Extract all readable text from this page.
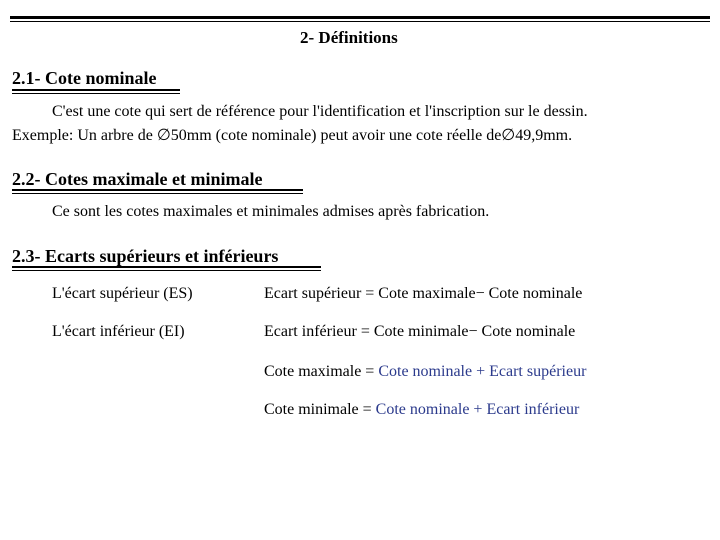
2- Définitions
2.1- Cote nominale
C'est une cote qui sert de référence pour l'identification et l'inscription sur le dessin.
Exemple: Un arbre de ∅50mm (cote nominale) peut avoir une cote réelle de∅49,9mm.
2.2- Cotes maximale et minimale
Ce sont les cotes maximales et minimales admises après fabrication.
2.3- Ecarts supérieurs et inférieurs
L'écart supérieur (ES)	Ecart supérieur = Cote maximale− Cote nominale
L'écart inférieur (EI)	Ecart inférieur = Cote minimale− Cote nominale
Cote maximale = Cote nominale + Ecart supérieur
Cote minimale = Cote nominale + Ecart inférieur
